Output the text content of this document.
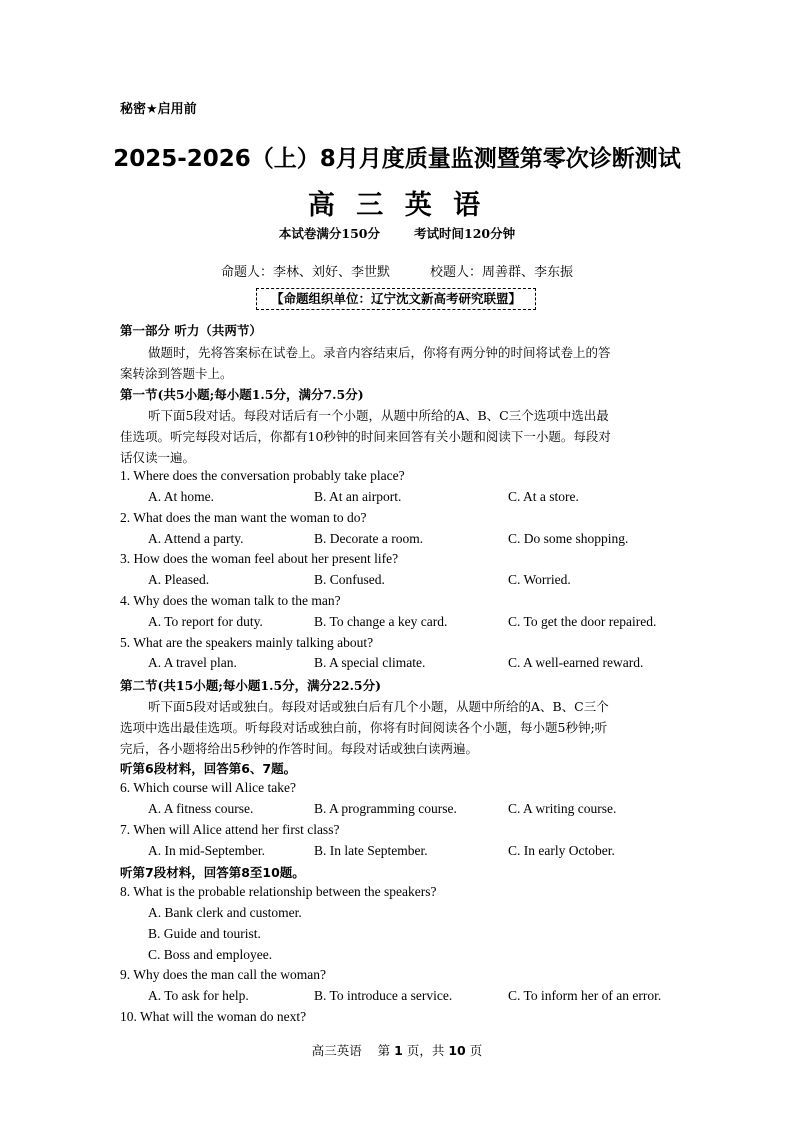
秘密★启用前
2025-2026（上）8月月度质量监测暨第零次诊断测试
高 三 英 语
本试卷满分150分	考试时间120分钟
命题人：李林、刘好、李世默	校题人：周善群、李东振
【命题组织单位：辽宁沈文新高考研究联盟】
第一部分 听力（共两节）
做题时，先将答案标在试卷上。录音内容结束后，你将有两分钟的时间将试卷上的答
案转涂到答题卡上。
第一节(共5小题;每小题1.5分，满分7.5分)
听下面5段对话。每段对话后有一个小题，从题中所给的A、B、C三个选项中选出最
佳选项。听完每段对话后，你都有10秒钟的时间来回答有关小题和阅读下一小题。每段对
话仅读一遍。
1. Where does the conversation probably take place?
A. At home.	B. At an airport.	C. At a store.
2. What does the man want the woman to do?
A. Attend a party.	B. Decorate a room.	C. Do some shopping.
3. How does the woman feel about her present life?
A. Pleased.	B. Confused.	C. Worried.
4. Why does the woman talk to the man?
A. To report for duty.	B. To change a key card.	C. To get the door repaired.
5. What are the speakers mainly talking about?
A. A travel plan.	B. A special climate.	C. A well-earned reward.
第二节(共15小题;每小题1.5分，满分22.5分)
听下面5段对话或独白。每段对话或独白后有几个小题，从题中所给的A、B、C三个
选项中选出最佳选项。听每段对话或独白前，你将有时间阅读各个小题，每小题5秒钟;听
完后，各小题将给出5秒钟的作答时间。每段对话或独白读两遍。
听第6段材料，回答第6、7题。
6. Which course will Alice take?
A. A fitness course.	B. A programming course.	C. A writing course.
7. When will Alice attend her first class?
A. In mid-September.	B. In late September.	C. In early October.
听第7段材料，回答第8至10题。
8. What is the probable relationship between the speakers?
A. Bank clerk and customer.
B. Guide and tourist.
C. Boss and employee.
9. Why does the man call the woman?
A. To ask for help.	B. To introduce a service.	C. To inform her of an error.
10. What will the woman do next?
高三英语 第 1 页，共 10 页
